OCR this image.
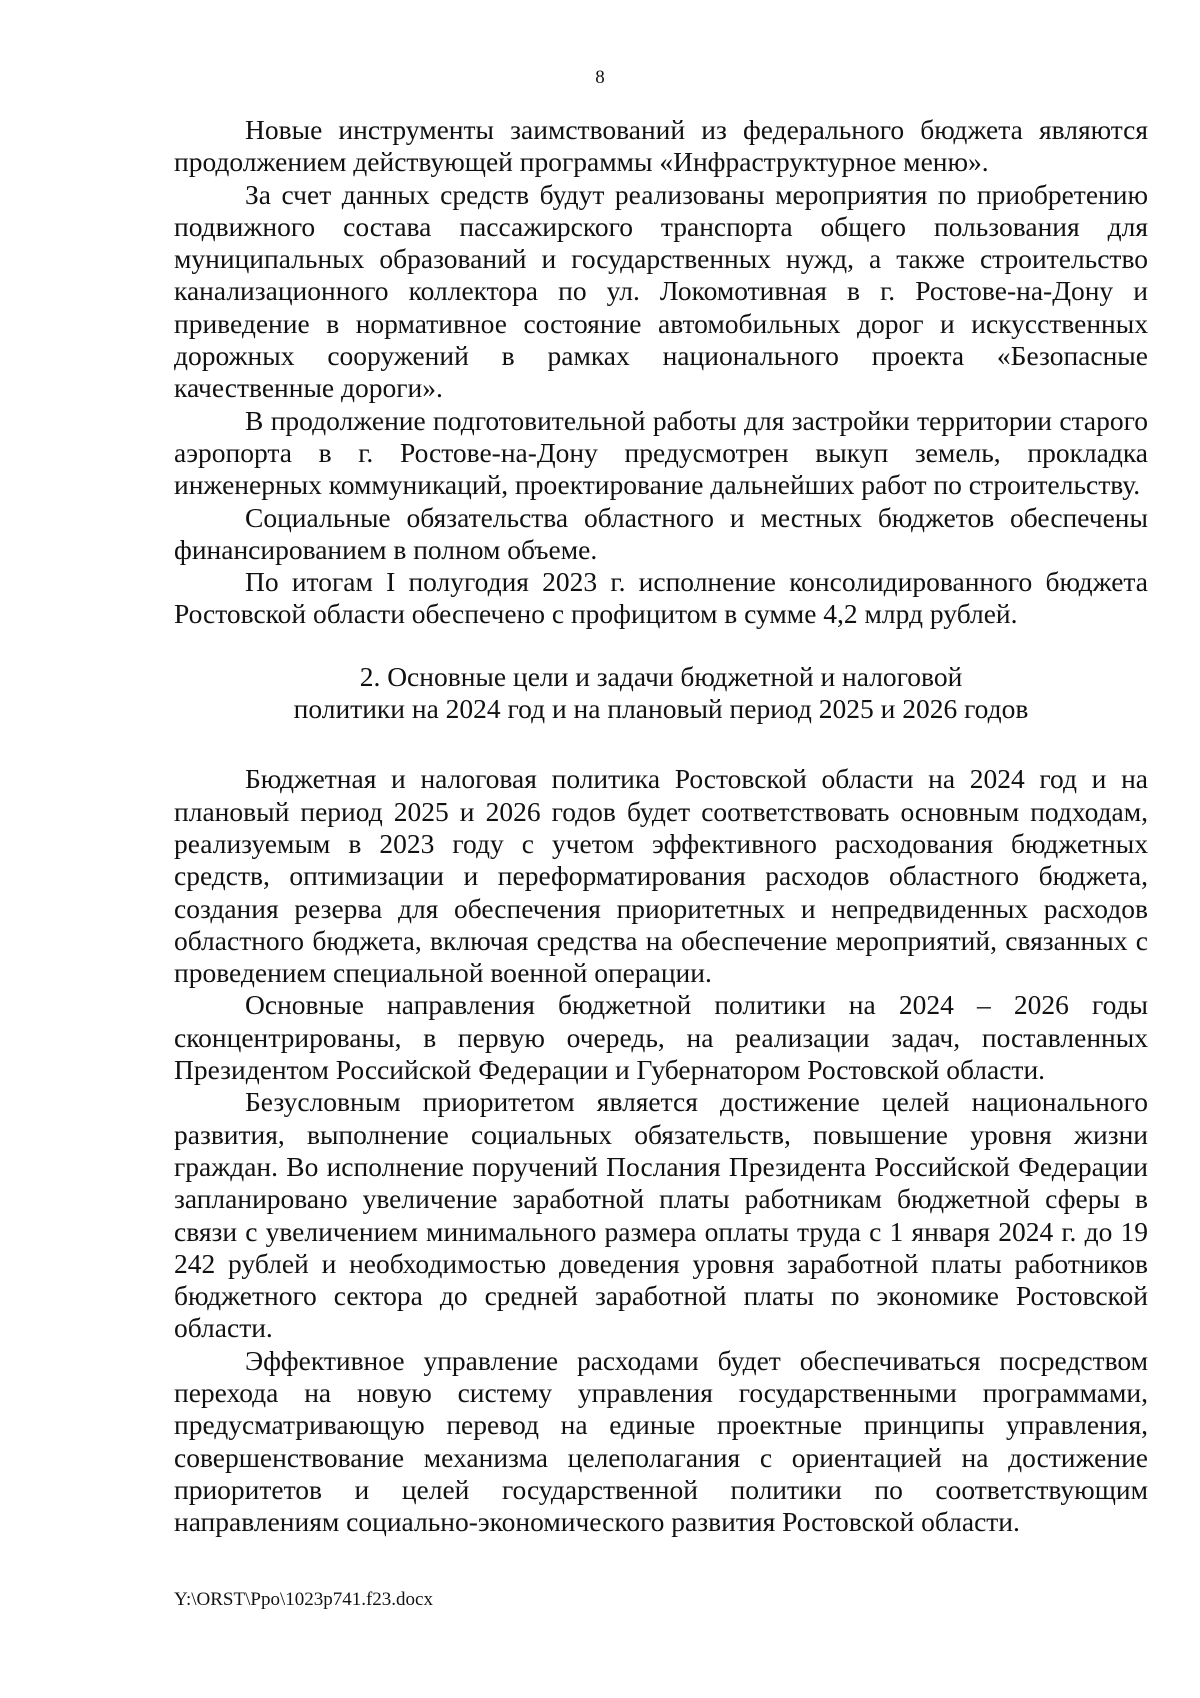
8

Новые инструменты заимствований из федерального бюджета являются продолжением действующей программы «Инфраструктурное меню».

За счет данных средств будут реализованы мероприятия по приобретению подвижного состава пассажирского транспорта общего пользования для муниципальных образований и государственных нужд, а также строительство канализационного коллектора по ул. Локомотивная в г. Ростове-на-Дону и приведение в нормативное состояние автомобильных дорог и искусственных дорожных сооружений в рамках национального проекта «Безопасные качественные дороги».

В продолжение подготовительной работы для застройки территории старого аэропорта в г. Ростове-на-Дону предусмотрен выкуп земель, прокладка инженерных коммуникаций, проектирование дальнейших работ по строительству.

Социальные обязательства областного и местных бюджетов обеспечены финансированием в полном объеме.

По итогам I полугодия 2023 г. исполнение консолидированного бюджета Ростовской области обеспечено с профицитом в сумме 4,2 млрд рублей.

2. Основные цели и задачи бюджетной и налоговой
политики на 2024 год и на плановый период 2025 и 2026 годов

Бюджетная и налоговая политика Ростовской области на 2024 год и на плановый период 2025 и 2026 годов будет соответствовать основным подходам, реализуемым в 2023 году с учетом эффективного расходования бюджетных средств, оптимизации и переформатирования расходов областного бюджета, создания резерва для обеспечения приоритетных и непредвиденных расходов областного бюджета, включая средства на обеспечение мероприятий, связанных с проведением специальной военной операции.

Основные направления бюджетной политики на 2024 – 2026 годы сконцентрированы, в первую очередь, на реализации задач, поставленных Президентом Российской Федерации и Губернатором Ростовской области.

Безусловным приоритетом является достижение целей национального развития, выполнение социальных обязательств, повышение уровня жизни граждан. Во исполнение поручений Послания Президента Российской Федерации запланировано увеличение заработной платы работникам бюджетной сферы в связи с увеличением минимального размера оплаты труда с 1 января 2024 г. до 19 242 рублей и необходимостью доведения уровня заработной платы работников бюджетного сектора до средней заработной платы по экономике Ростовской области.

Эффективное управление расходами будет обеспечиваться посредством перехода на новую систему управления государственными программами, предусматривающую перевод на единые проектные принципы управления, совершенствование механизма целеполагания с ориентацией на достижение приоритетов и целей государственной политики по соответствующим направлениям социально-экономического развития Ростовской области.

Y:\ORST\Ppo\1023p741.f23.docx
